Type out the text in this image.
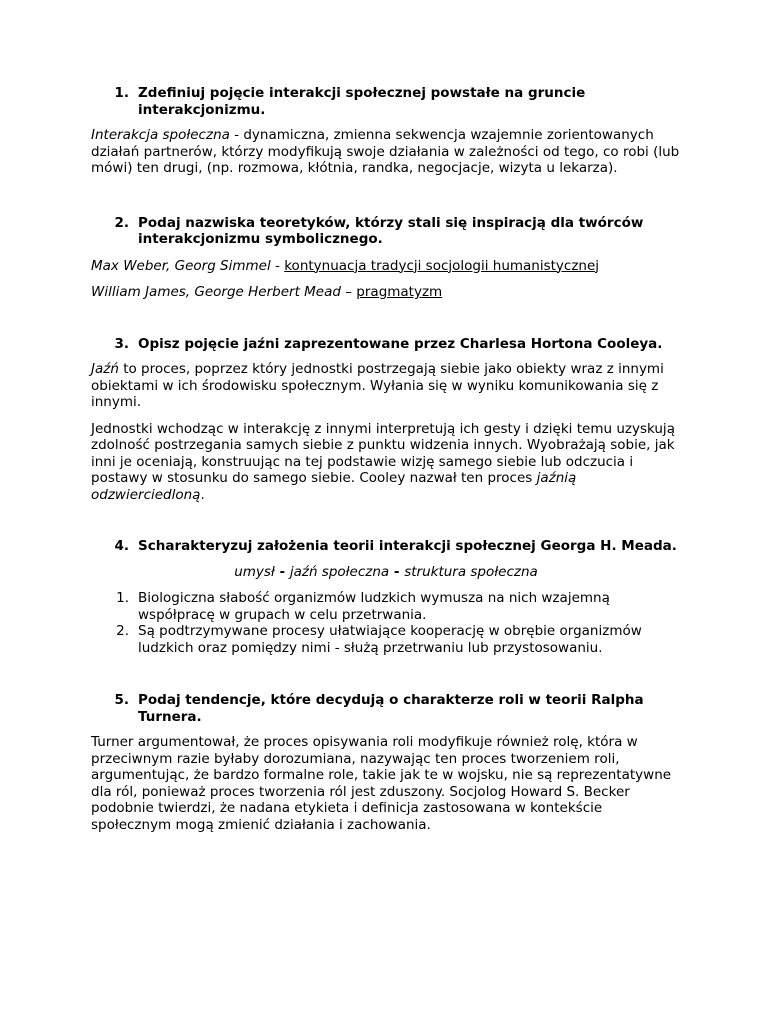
1. Zdefiniuj pojęcie interakcji społecznej powstałe na gruncie interakcjonizmu.

Interakcja społeczna - dynamiczna, zmienna sekwencja wzajemnie zorientowanych działań partnerów, którzy modyfikują swoje działania w zależności od tego, co robi (lub mówi) ten drugi, (np. rozmowa, kłótnia, randka, negocjacje, wizyta u lekarza).

2. Podaj nazwiska teoretyków, którzy stali się inspiracją dla twórców interakcjonizmu symbolicznego.

Max Weber, Georg Simmel - kontynuacja tradycji socjologii humanistycznej

William James, George Herbert Mead – pragmatyzm

3. Opisz pojęcie jaźni zaprezentowane przez Charlesa Hortona Cooleya.

Jaźń to proces, poprzez który jednostki postrzegają siebie jako obiekty wraz z innymi obiektami w ich środowisku społecznym. Wyłania się w wyniku komunikowania się z innymi.

Jednostki wchodząc w interakcję z innymi interpretują ich gesty i dzięki temu uzyskują zdolność postrzegania samych siebie z punktu widzenia innych. Wyobrażają sobie, jak inni je oceniają, konstruując na tej podstawie wizję samego siebie lub odczucia i postawy w stosunku do samego siebie. Cooley nazwał ten proces jaźnią odzwierciedloną.

4. Scharakteryzuj założenia teorii interakcji społecznej Georga H. Meada.

umysł - jaźń społeczna - struktura społeczna

1. Biologiczna słabość organizmów ludzkich wymusza na nich wzajemną współpracę w grupach w celu przetrwania.
2. Są podtrzymywane procesy ułatwiające kooperację w obrębie organizmów ludzkich oraz pomiędzy nimi - służą przetrwaniu lub przystosowaniu.
5. Podaj tendencje, które decydują o charakterze roli w teorii Ralpha Turnera.

Turner argumentował, że proces opisywania roli modyfikuje również rolę, która w przeciwnym razie byłaby dorozumiana, nazywając ten proces tworzeniem roli, argumentując, że bardzo formalne role, takie jak te w wojsku, nie są reprezentatywne dla ról, ponieważ proces tworzenia ról jest zduszony. Socjolog Howard S. Becker podobnie twierdzi, że nadana etykieta i definicja zastosowana w kontekście społecznym mogą zmienić działania i zachowania.
